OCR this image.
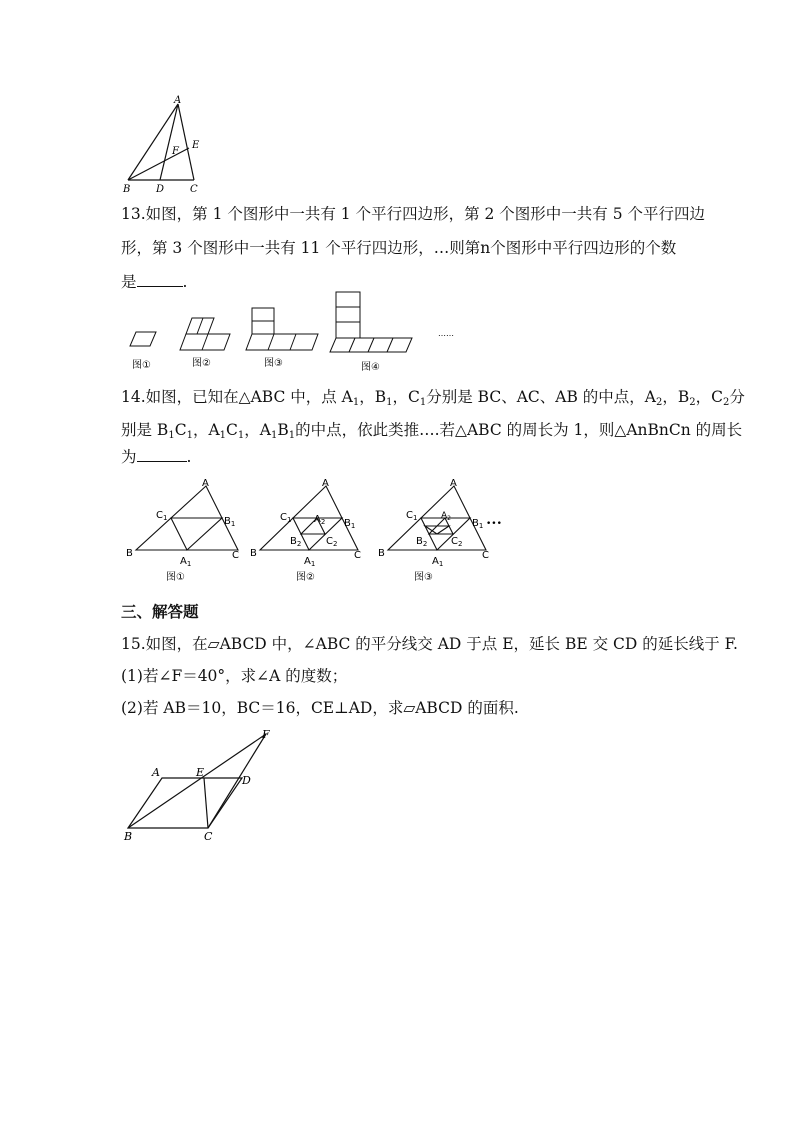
A
B	C
D
E
F
13.如图，第 1 个图形中一共有 1 个平行四边形，第 2 个图形中一共有 5 个平行四边
形，第 3 个图形中一共有 11 个平行四边形，…则第n个图形中平行四边形的个数
是	.
图①	图②	图③	图④
……
14.如图，已知在△ABC 中，点 $A_1$，$B_1$，$C_1$分别是 BC、AC、AB 的中点，$A_2$，$B_2$，$C_2$分
别是 $B_1C_1$，$A_1C_1$，$A_1B_1$的中点，依此类推….若△ABC 的周长为 1，则△AnBnCn 的周长
为	.
A
B	C
$C_1$	$B_1$
$A_1$
A
B	C
$C_1$	$B_1$
$A_1$
$A_2$
$B_2$ $C_2$
A
B	C
$C_1$	$B_1$
$A_1$
$A_2$
$B_2$ $C_2$
•••
图①	图②	图③
三、解答题
15.如图，在▱ABCD 中，∠ABC 的平分线交 AD 于点 E，延长 BE 交 CD 的延长线于 F.
(1)若∠F＝40°，求∠A 的度数；
(2)若 AB＝10，BC＝16，CE⊥AD，求▱ABCD 的面积.
A
B	C
D
E
F
